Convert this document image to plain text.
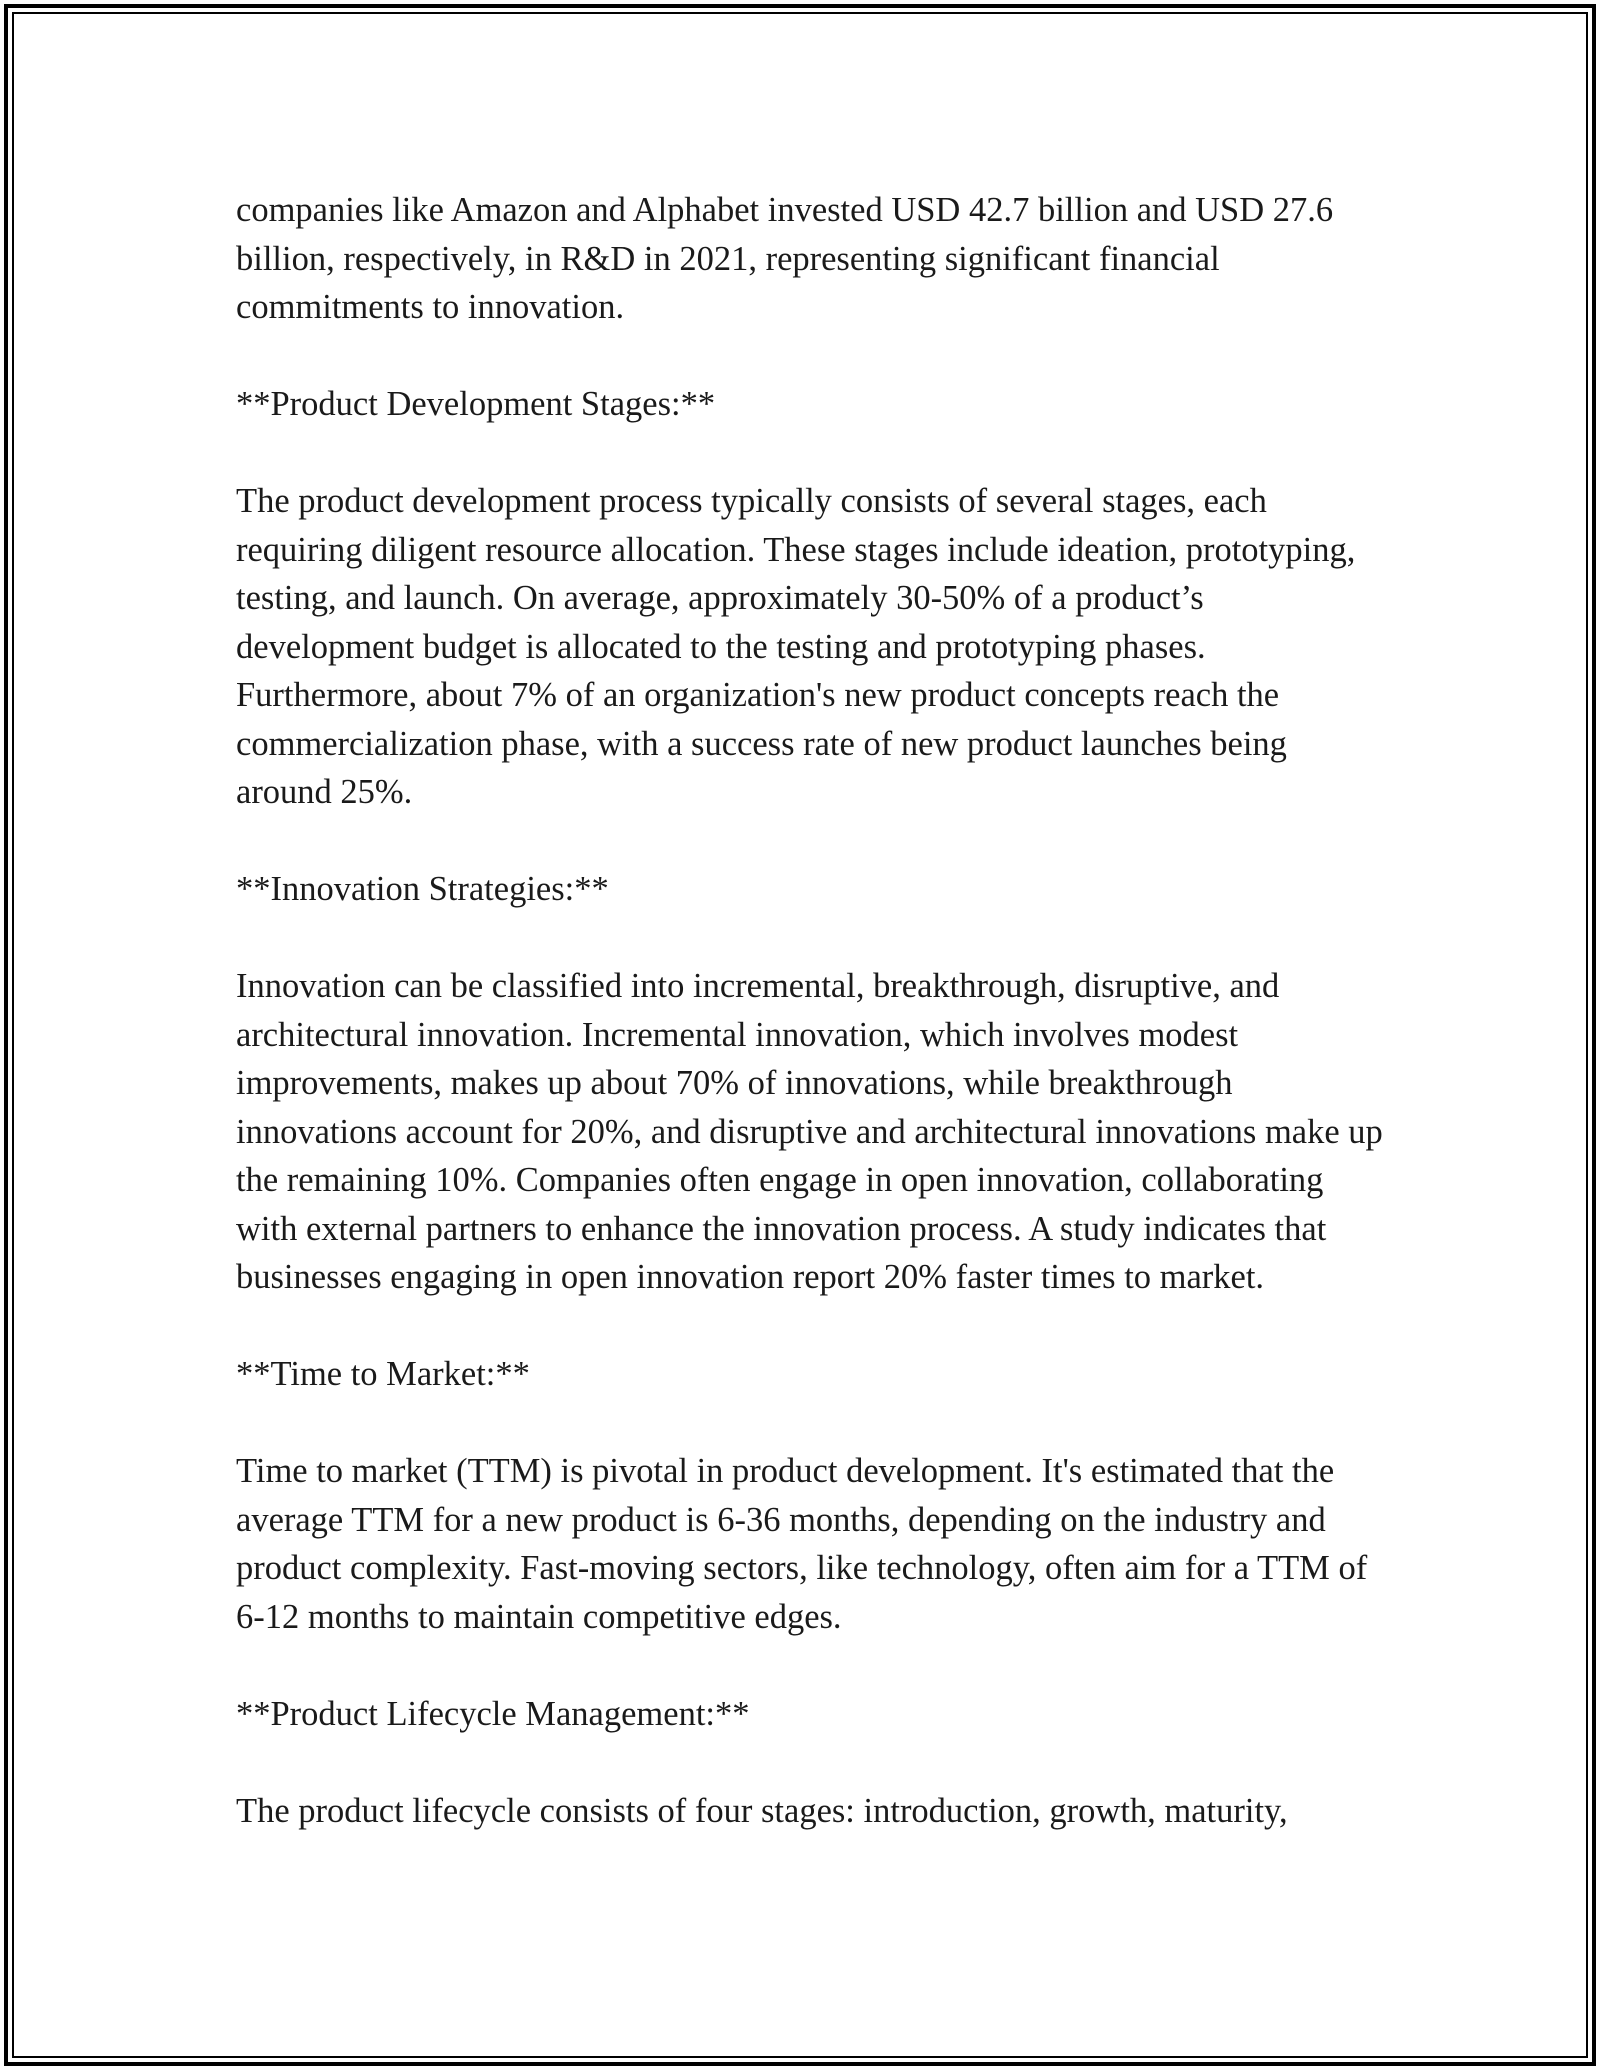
companies like Amazon and Alphabet invested USD 42.7 billion and USD 27.6 billion, respectively, in R&D in 2021, representing significant financial commitments to innovation.

**Product Development Stages:**

The product development process typically consists of several stages, each requiring diligent resource allocation. These stages include ideation, prototyping, testing, and launch. On average, approximately 30-50% of a product’s development budget is allocated to the testing and prototyping phases. Furthermore, about 7% of an organization's new product concepts reach the commercialization phase, with a success rate of new product launches being around 25%.

**Innovation Strategies:**

Innovation can be classified into incremental, breakthrough, disruptive, and architectural innovation. Incremental innovation, which involves modest improvements, makes up about 70% of innovations, while breakthrough innovations account for 20%, and disruptive and architectural innovations make up the remaining 10%. Companies often engage in open innovation, collaborating with external partners to enhance the innovation process. A study indicates that businesses engaging in open innovation report 20% faster times to market.

**Time to Market:**

Time to market (TTM) is pivotal in product development. It's estimated that the average TTM for a new product is 6-36 months, depending on the industry and product complexity. Fast-moving sectors, like technology, often aim for a TTM of 6-12 months to maintain competitive edges.

**Product Lifecycle Management:**

The product lifecycle consists of four stages: introduction, growth, maturity,
